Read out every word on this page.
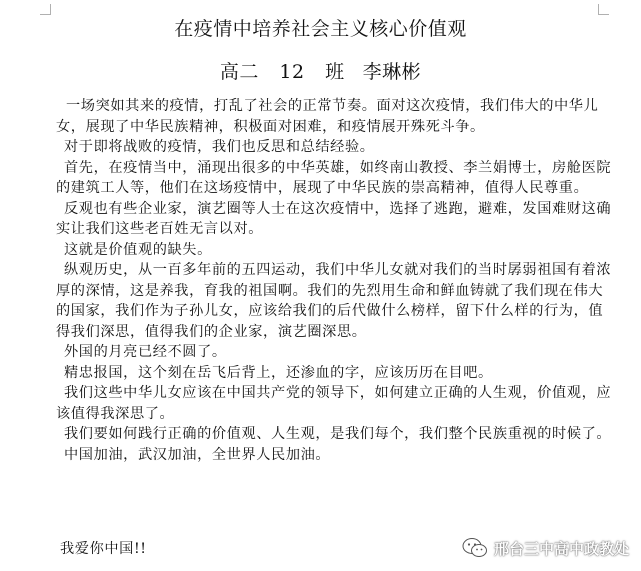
在疫情中培养社会主义核心价值观
高二 12 班 李琳彬

一场突如其来的疫情，打乱了社会的正常节奏。面对这次疫情，我们伟大的中华儿女，展现了中华民族精神，积极面对困难，和疫情展开殊死斗争。

对于即将战败的疫情，我们也反思和总结经验。

首先，在疫情当中，涌现出很多的中华英雄，如终南山教授、李兰娟博士，房舱医院的建筑工人等，他们在这场疫情中，展现了中华民族的崇高精神，值得人民尊重。

反观也有些企业家，演艺圈等人士在这次疫情中，选择了逃跑，避难，发国难财这确实让我们这些老百姓无言以对。

这就是价值观的缺失。

纵观历史，从一百多年前的五四运动，我们中华儿女就对我们的当时孱弱祖国有着浓厚的深情，这是养我，育我的祖国啊。我们的先烈用生命和鲜血铸就了我们现在伟大的国家，我们作为子孙儿女，应该给我们的后代做什么榜样，留下什么样的行为，值得我们深思，值得我们的企业家，演艺圈深思。

外国的月亮已经不圆了。

精忠报国，这个刻在岳飞后背上，还渗血的字，应该历历在目吧。

我们这些中华儿女应该在中国共产党的领导下，如何建立正确的人生观，价值观，应该值得我深思了。

我们要如何践行正确的价值观、人生观，是我们每个，我们整个民族重视的时候了。

中国加油，武汉加油，全世界人民加油。

我爱你中国!!	邢台三中高中政教处
